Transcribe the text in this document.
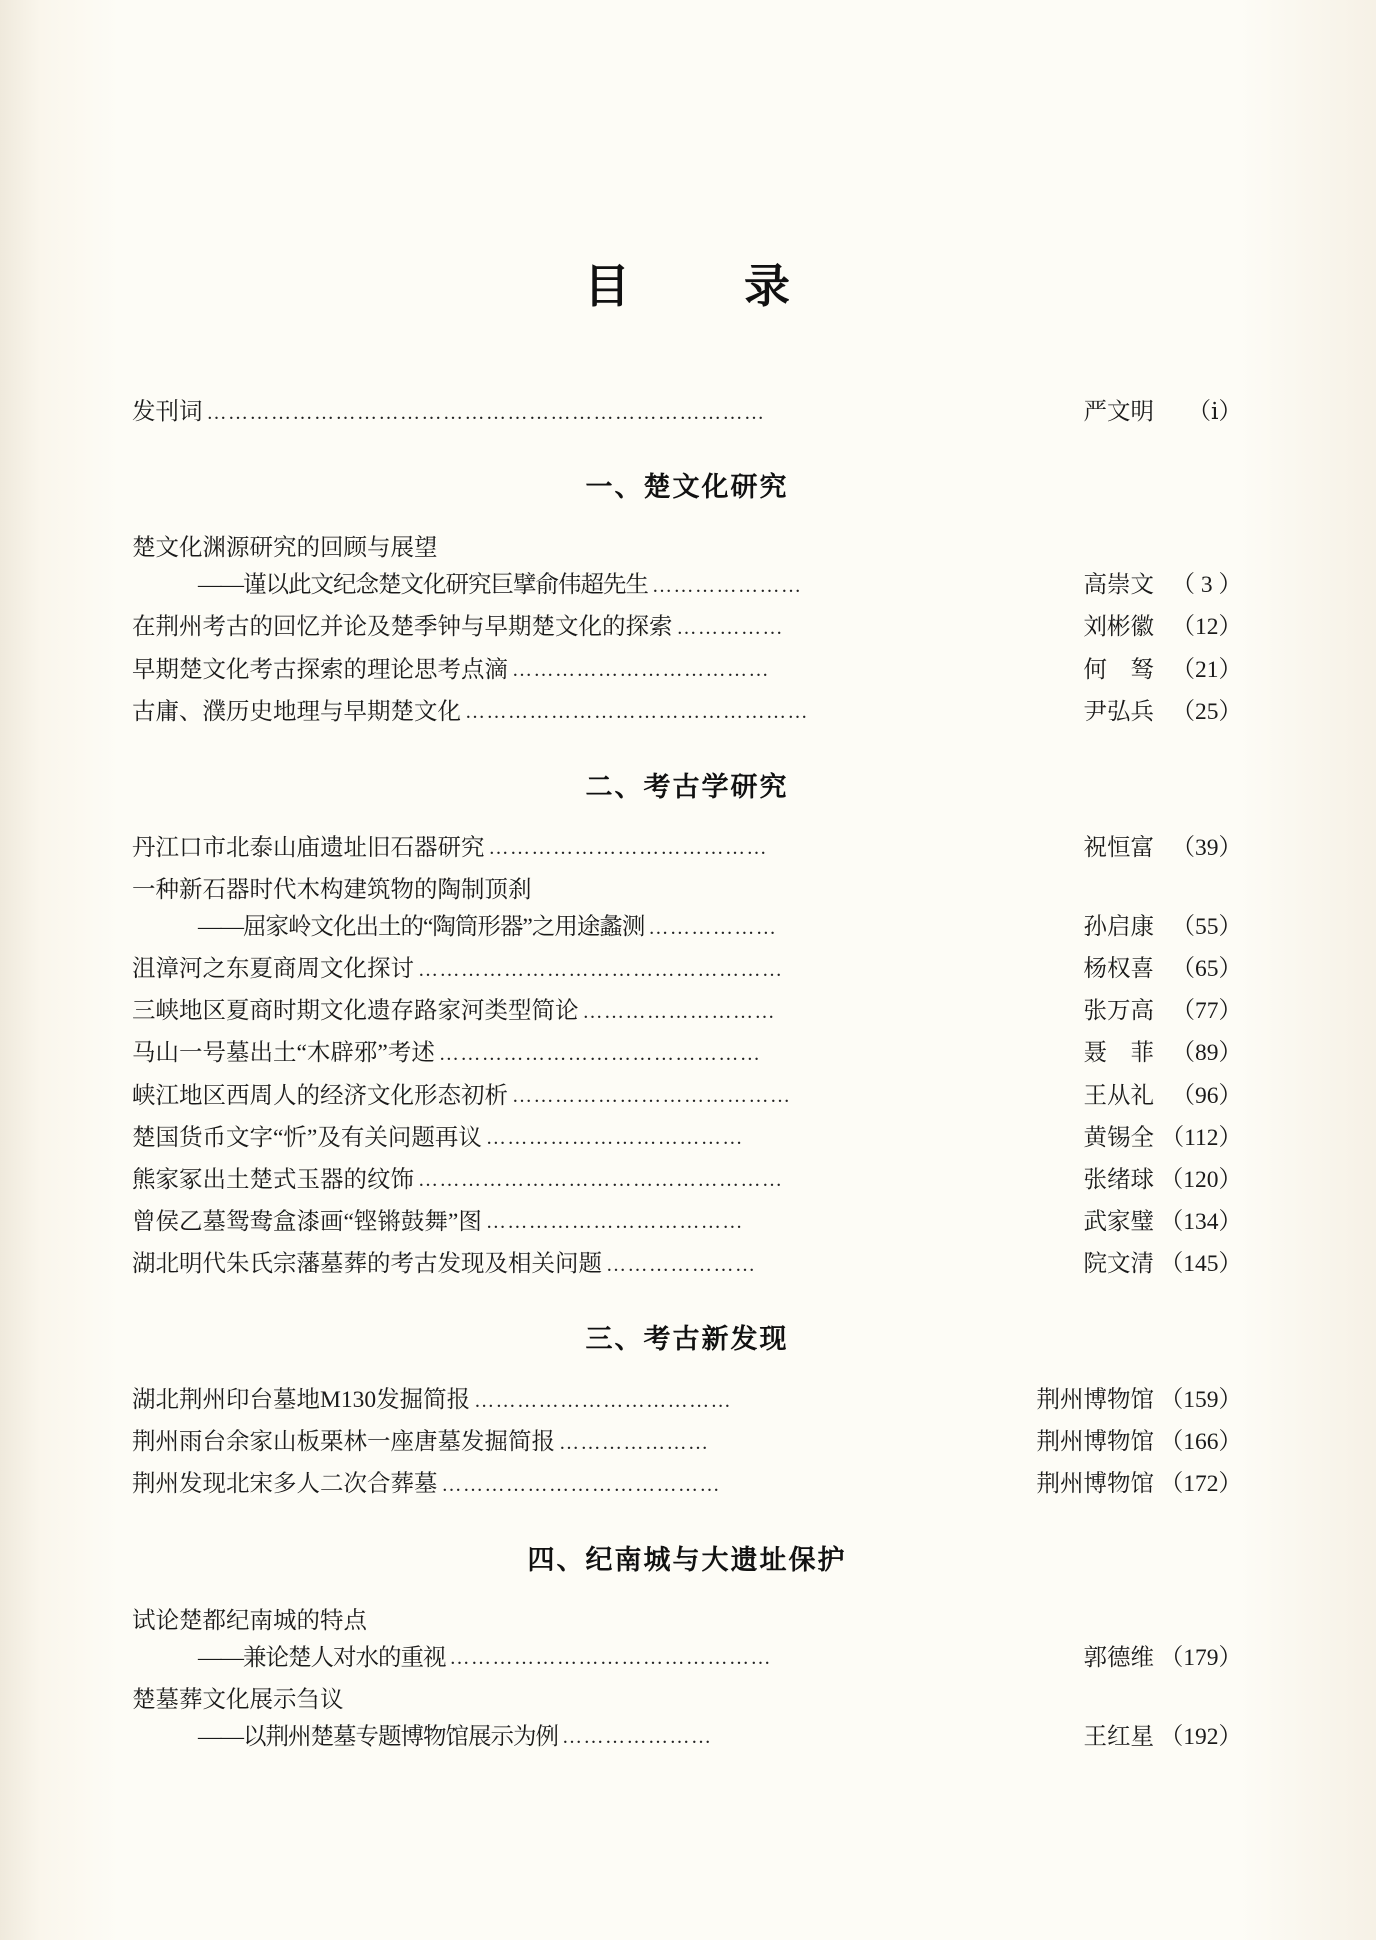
目　录
发刊词 ……………………………………………………………………	严文明	（ⅰ）
一、楚文化研究
楚文化渊源研究的回顾与展望
——谨以此文纪念楚文化研究巨擘俞伟超先生 …………………	高崇文 （ 3 ）
在荆州考古的回忆并论及楚季钟与早期楚文化的探索 ……………	刘彬徽 （12）
早期楚文化考古探索的理论思考点滴 ………………………………	何　驽 （21）
古庸、濮历史地理与早期楚文化 …………………………………………	尹弘兵 （25）
二、考古学研究
丹江口市北泰山庙遗址旧石器研究 …………………………………	祝恒富 （39）
一种新石器时代木构建筑物的陶制顶刹
——屈家岭文化出土的“陶筒形器”之用途蠡测 ………………	孙启康 （55）
沮漳河之东夏商周文化探讨 ……………………………………………	杨权喜 （65）
三峡地区夏商时期文化遗存路家河类型简论 ………………………	张万高 （77）
马山一号墓出土“木辟邪”考述 ………………………………………	聂　菲 （89）
峡江地区西周人的经济文化形态初析 …………………………………	王从礼 （96）
楚国货币文字“忻”及有关问题再议 ………………………………	黄锡全 （112）
熊家冢出土楚式玉器的纹饰 ……………………………………………	张绪球 （120）
曾侯乙墓鸳鸯盒漆画“铿锵鼓舞”图 ………………………………	武家璧 （134）
湖北明代朱氏宗藩墓葬的考古发现及相关问题 …………………	院文清 （145）
三、考古新发现
湖北荆州印台墓地M130发掘简报 ………………………………	荆州博物馆 （159）
荆州雨台余家山板栗林一座唐墓发掘简报 …………………	荆州博物馆 （166）
荆州发现北宋多人二次合葬墓 …………………………………	荆州博物馆 （172）
四、纪南城与大遗址保护
试论楚都纪南城的特点
——兼论楚人对水的重视 ………………………………………	郭德维 （179）
楚墓葬文化展示刍议
——以荆州楚墓专题博物馆展示为例 …………………	王红星 （192）
